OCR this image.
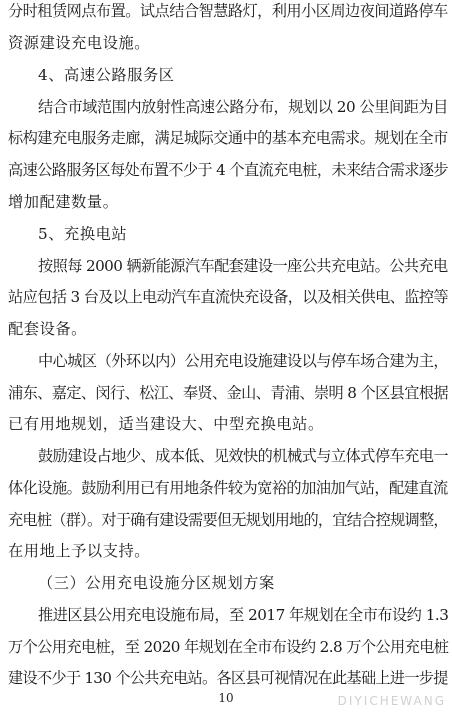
分时租赁网点布置。试点结合智慧路灯，利用小区周边夜间道路停车
资源建设充电设施。
4、高速公路服务区
结合市域范围内放射性高速公路分布，规划以 20 公里间距为目
标构建充电服务走廊，满足城际交通中的基本充电需求。规划在全市
高速公路服务区每处布置不少于 4 个直流充电桩，未来结合需求逐步
增加配建数量。
5、充换电站
按照每 2000 辆新能源汽车配套建设一座公共充电站。公共充电
站应包括 3 台及以上电动汽车直流快充设备，以及相关供电、监控等
配套设备。
中心城区（外环以内）公用充电设施建设以与停车场合建为主，
浦东、嘉定、闵行、松江、奉贤、金山、青浦、崇明 8 个区县宜根据
已有用地规划，适当建设大、中型充换电站。
鼓励建设占地少、成本低、见效快的机械式与立体式停车充电一
体化设施。鼓励利用已有用地条件较为宽裕的加油加气站，配建直流
充电桩（群）。对于确有建设需要但无规划用地的，宜结合控规调整，
在用地上予以支持。
（三）公用充电设施分区规划方案
推进区县公用充电设施布局，至 2017 年规划在全市布设约 1.3
万个公用充电桩，至 2020 年规划在全市布设约 2.8 万个公用充电桩
建设不少于 130 个公共充电站。各区县可视情况在此基础上进一步提
10	DIYICHEWANG
